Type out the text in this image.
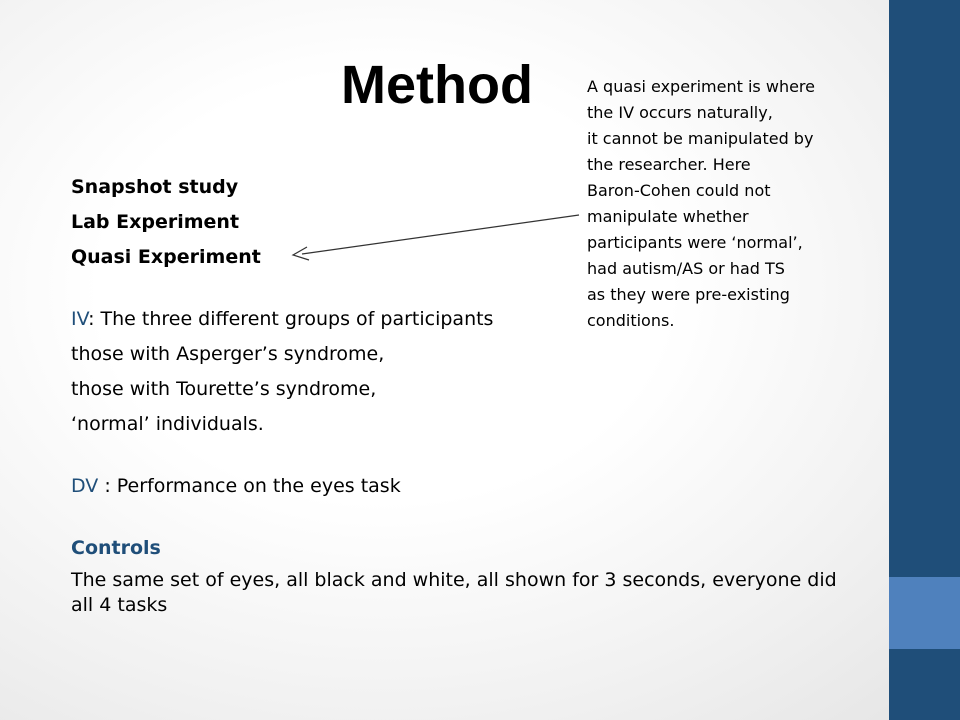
Method
Snapshot study
Lab Experiment
Quasi Experiment
IV: The three different groups of participants
those with Asperger’s syndrome,
those with Tourette’s syndrome,
‘normal’ individuals.
DV : Performance on the eyes task
Controls
The same set of eyes, all black and white, all shown for 3 seconds, everyone did all 4 tasks
A quasi experiment is where
the IV occurs naturally,
it cannot be manipulated by
the researcher. Here
Baron-Cohen could not
manipulate whether
participants were ‘normal’,
had autism/AS or had TS
as they were pre-existing
conditions.
